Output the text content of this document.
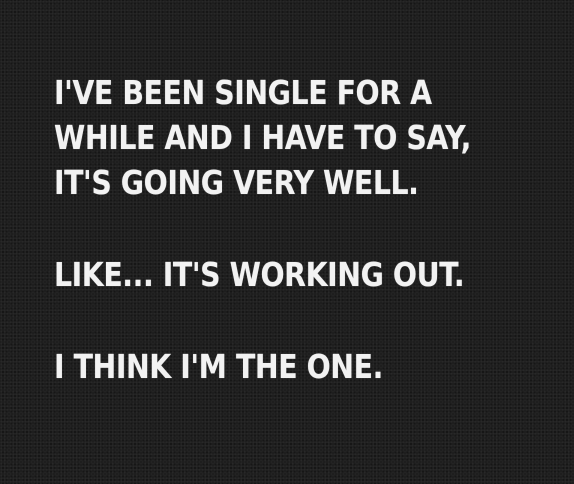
I'VE BEEN SINGLE FOR A
WHILE AND I HAVE TO SAY,
IT'S GOING VERY WELL.
LIKE... IT'S WORKING OUT.
I THINK I'M THE ONE.
